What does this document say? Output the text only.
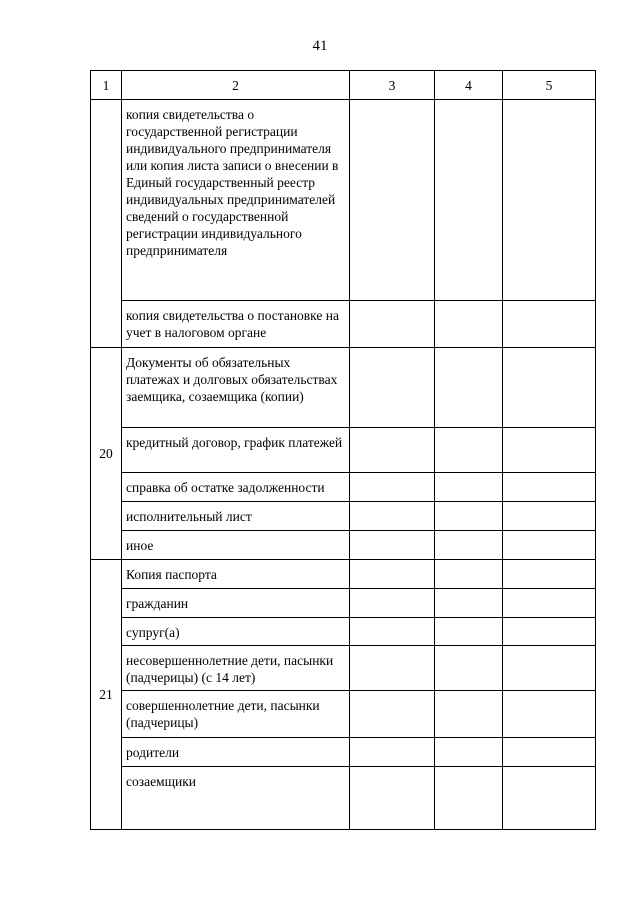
41
1	2	3	4	5
	копия свидетельства о государственной регистрации индивидуального предпринимателя или копия листа записи о внесении в Единый государственный реестр индивидуальных предпринимателей сведений о государственной регистрации индивидуального предпринимателя			
	копия свидетельства о постановке на учет в налоговом органе			
20	Документы об обязательных платежах и долговых обязательствах заемщика, созаемщика (копии)			
	кредитный договор, график платежей			
	справка об остатке задолженности			
	исполнительный лист			
	иное			
21	Копия паспорта			
	гражданин			
	супруг(а)			
	несовершеннолетние дети, пасынки (падчерицы) (с 14 лет)			
	совершеннолетние дети, пасынки (падчерицы)			
	родители			
	созаемщики			
